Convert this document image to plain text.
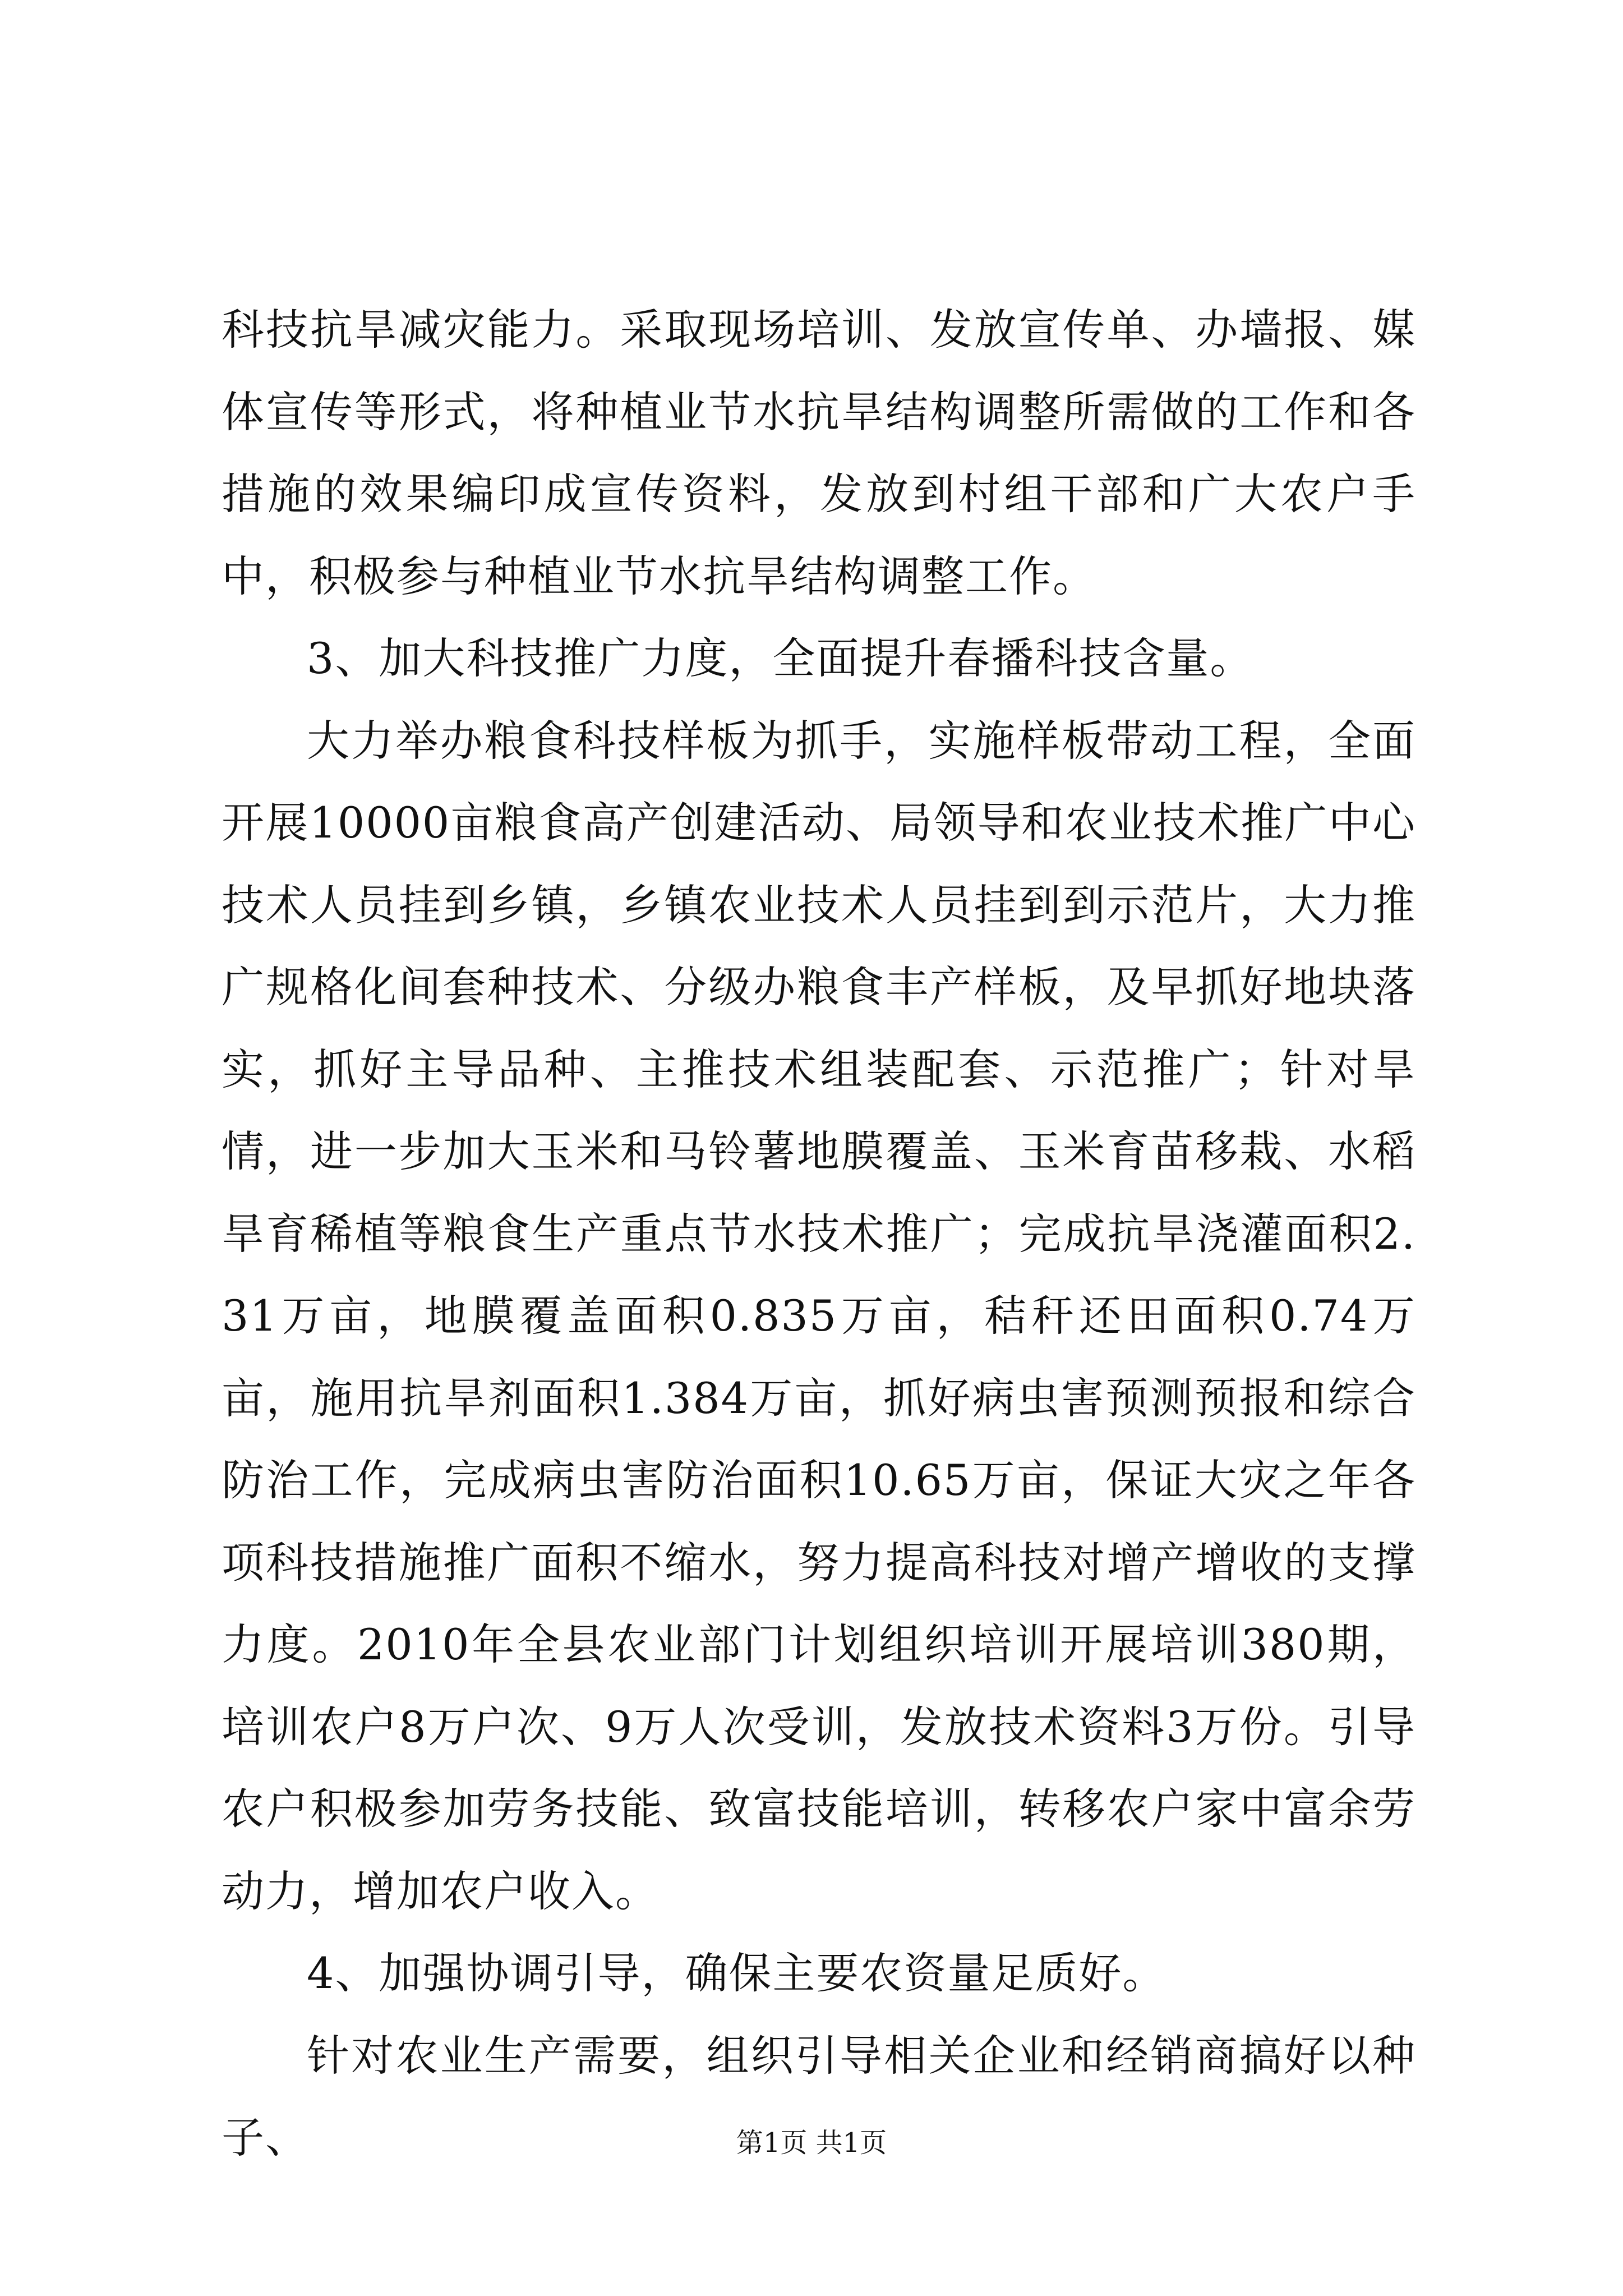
科技抗旱减灾能力。采取现场培训、发放宣传单、办墙报、媒体宣传等形式，将种植业节水抗旱结构调整所需做的工作和各措施的效果编印成宣传资料，发放到村组干部和广大农户手中，积极参与种植业节水抗旱结构调整工作。

3、加大科技推广力度，全面提升春播科技含量。

大力举办粮食科技样板为抓手，实施样板带动工程，全面开展10000亩粮食高产创建活动、局领导和农业技术推广中心技术人员挂到乡镇，乡镇农业技术人员挂到到示范片，大力推广规格化间套种技术、分级办粮食丰产样板，及早抓好地块落实，抓好主导品种、主推技术组装配套、示范推广；针对旱情，进一步加大玉米和马铃薯地膜覆盖、玉米育苗移栽、水稻旱育稀植等粮食生产重点节水技术推广；完成抗旱浇灌面积2.31万亩，地膜覆盖面积0.835万亩，秸秆还田面积0.74万亩，施用抗旱剂面积1.384万亩，抓好病虫害预测预报和综合防治工作，完成病虫害防治面积10.65万亩，保证大灾之年各项科技措施推广面积不缩水，努力提高科技对增产增收的支撑力度。2010年全县农业部门计划组织培训开展培训380期，培训农户8万户次、9万人次受训，发放技术资料3万份。引导农户积极参加劳务技能、致富技能培训，转移农户家中富余劳动力，增加农户收入。

4、加强协调引导，确保主要农资量足质好。

针对农业生产需要，组织引导相关企业和经销商搞好以种子、	第1页 共1页
